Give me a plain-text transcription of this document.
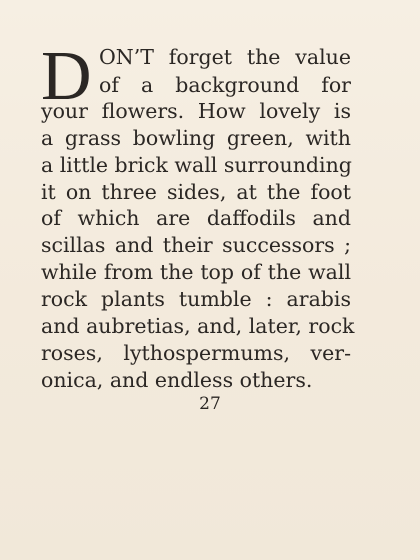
D ON’T forget the value
of a background for
your flowers. How lovely is
a grass bowling green, with
a little brick wall surrounding
it on three sides, at the foot
of which are daffodils and
scillas and their successors ;
while from the top of the wall
rock plants tumble : arabis
and aubretias, and, later, rock
roses, lythospermums, ver-
onica, and endless others.
27
